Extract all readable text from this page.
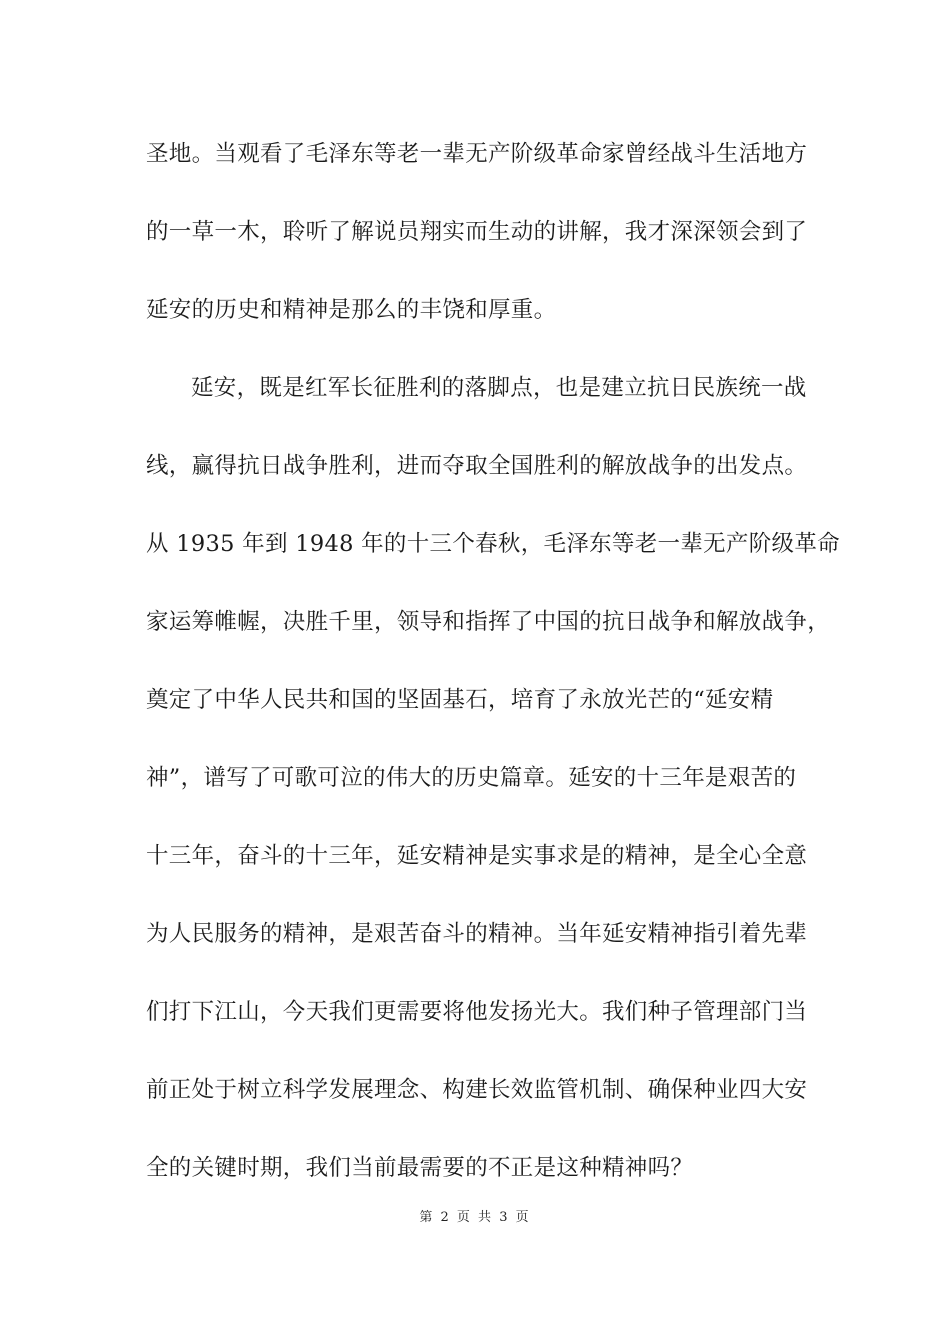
圣地。当观看了毛泽东等老一辈无产阶级革命家曾经战斗生活地方
的一草一木，聆听了解说员翔实而生动的讲解，我才深深领会到了
延安的历史和精神是那么的丰饶和厚重。
延安，既是红军长征胜利的落脚点，也是建立抗日民族统一战
线，赢得抗日战争胜利，进而夺取全国胜利的解放战争的出发点。
从 1935 年到 1948 年的十三个春秋，毛泽东等老一辈无产阶级革命
家运筹帷幄，决胜千里，领导和指挥了中国的抗日战争和解放战争，
奠定了中华人民共和国的坚固基石，培育了永放光芒的“延安精
神”，谱写了可歌可泣的伟大的历史篇章。延安的十三年是艰苦的
十三年，奋斗的十三年，延安精神是实事求是的精神，是全心全意
为人民服务的精神，是艰苦奋斗的精神。当年延安精神指引着先辈
们打下江山，今天我们更需要将他发扬光大。我们种子管理部门当
前正处于树立科学发展理念、构建长效监管机制、确保种业四大安
全的关键时期，我们当前最需要的不正是这种精神吗？
第 2 页 共 3 页
